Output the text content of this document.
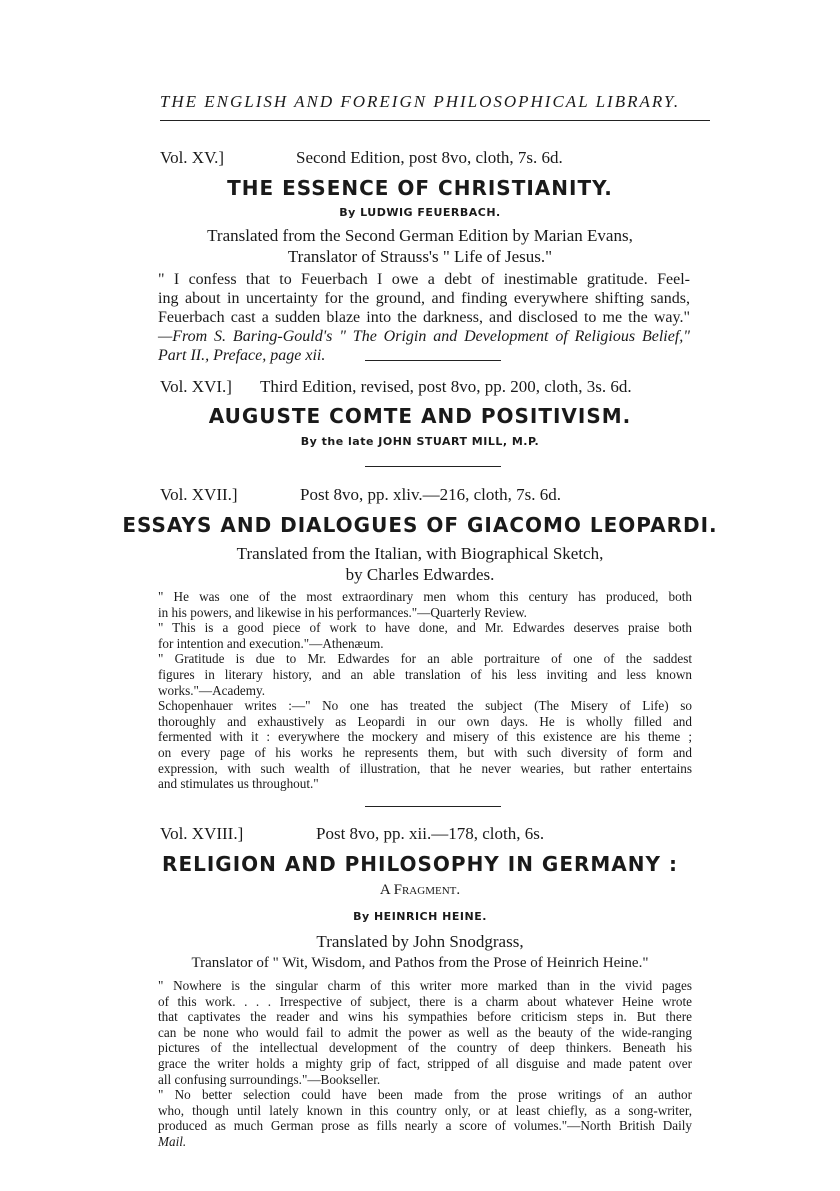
THE ENGLISH AND FOREIGN PHILOSOPHICAL LIBRARY.
Vol. XV.]	Second Edition, post 8vo, cloth, 7s. 6d.
THE ESSENCE OF CHRISTIANITY.
By LUDWIG FEUERBACH.
Translated from the Second German Edition by Marian Evans,
Translator of Strauss's " Life of Jesus."
" I confess that to Feuerbach I owe a debt of inestimable gratitude. Feel-
ing about in uncertainty for the ground, and finding everywhere shifting sands,
Feuerbach cast a sudden blaze into the darkness, and disclosed to me the way."
—From S. Baring-Gould's " The Origin and Development of Religious Belief,"
Part II., Preface, page xii.
Vol. XVI.] Third Edition, revised, post 8vo, pp. 200, cloth, 3s. 6d.
AUGUSTE COMTE AND POSITIVISM.
By the late JOHN STUART MILL, M.P.
Vol. XVII.]	Post 8vo, pp. xliv.—216, cloth, 7s. 6d.
ESSAYS AND DIALOGUES OF GIACOMO LEOPARDI.
Translated from the Italian, with Biographical Sketch,
by Charles Edwardes.
" He was one of the most extraordinary men whom this century has produced, both
in his powers, and likewise in his performances."—Quarterly Review.
" This is a good piece of work to have done, and Mr. Edwardes deserves praise both
for intention and execution."—Athenæum.
" Gratitude is due to Mr. Edwardes for an able portraiture of one of the saddest
figures in literary history, and an able translation of his less inviting and less known
works."—Academy.
Schopenhauer writes :—" No one has treated the subject (The Misery of Life) so
thoroughly and exhaustively as Leopardi in our own days. He is wholly filled and
fermented with it : everywhere the mockery and misery of this existence are his theme ;
on every page of his works he represents them, but with such diversity of form and
expression, with such wealth of illustration, that he never wearies, but rather entertains
and stimulates us throughout."
Vol. XVIII.]	Post 8vo, pp. xii.—178, cloth, 6s.
RELIGION AND PHILOSOPHY IN GERMANY :
A Fragment.
By HEINRICH HEINE.
Translated by John Snodgrass,
Translator of " Wit, Wisdom, and Pathos from the Prose of Heinrich Heine."
" Nowhere is the singular charm of this writer more marked than in the vivid pages
of this work. . . . Irrespective of subject, there is a charm about whatever Heine wrote
that captivates the reader and wins his sympathies before criticism steps in. But there
can be none who would fail to admit the power as well as the beauty of the wide-ranging
pictures of the intellectual development of the country of deep thinkers. Beneath his
grace the writer holds a mighty grip of fact, stripped of all disguise and made patent over
all confusing surroundings."—Bookseller.
" No better selection could have been made from the prose writings of an author
who, though until lately known in this country only, or at least chiefly, as a song-writer,
produced as much German prose as fills nearly a score of volumes."—North British Daily
Mail.
